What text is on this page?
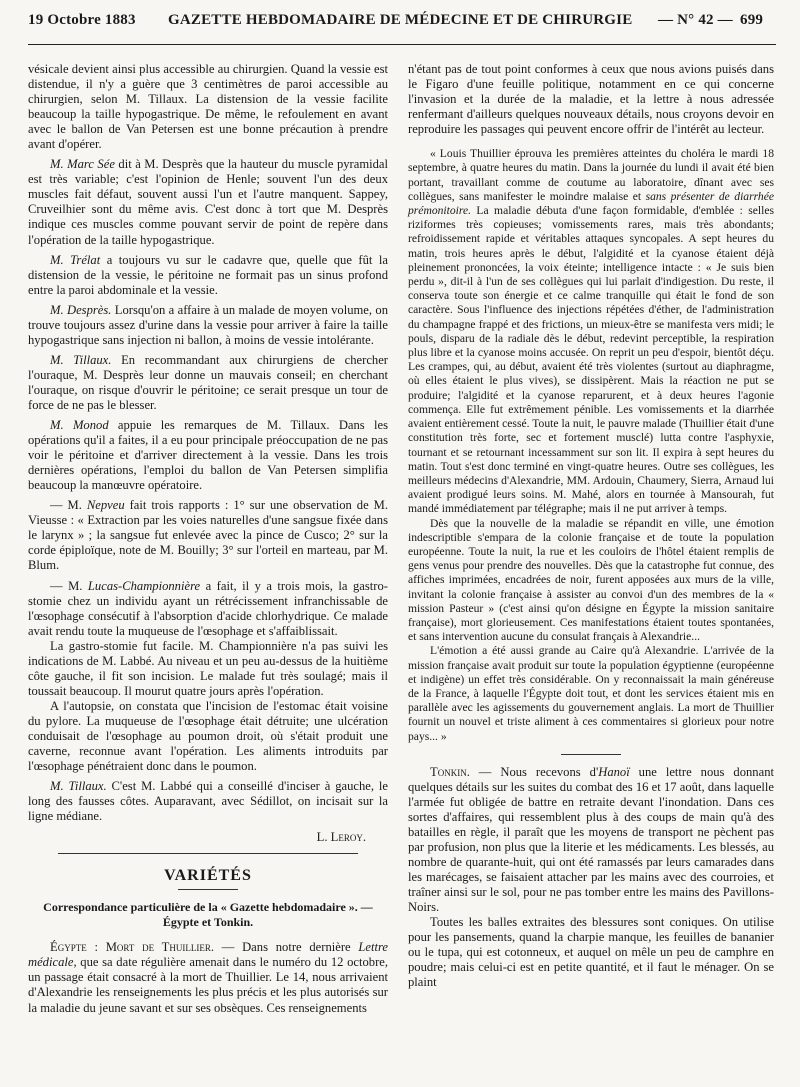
19 Octobre 1883 GAZETTE HEBDOMADAIRE DE MÉDECINE ET DE CHIRURGIE — N° 42 — 699

vésicale devient ainsi plus accessible au chirurgien. Quand la vessie est distendue, il n'y a guère que 3 centimètres de paroi accessible au chirurgien, selon M. Tillaux. La distension de la vessie facilite beaucoup la taille hypogastrique. De même, le refoulement en avant avec le ballon de Van Petersen est une bonne précaution à prendre avant d'opérer.

M. Marc Sée dit à M. Desprès que la hauteur du muscle pyramidal est très variable; c'est l'opinion de Henle; souvent l'un des deux muscles fait défaut, souvent aussi l'un et l'autre manquent. Sappey, Cruveilhier sont du même avis. C'est donc à tort que M. Desprès indique ces muscles comme pouvant servir de point de repère dans l'opération de la taille hypogastrique.

M. Trélat a toujours vu sur le cadavre que, quelle que fût la distension de la vessie, le péritoine ne formait pas un sinus profond entre la paroi abdominale et la vessie.

M. Desprès. Lorsqu'on a affaire à un malade de moyen volume, on trouve toujours assez d'urine dans la vessie pour arriver à faire la taille hypogastrique sans injection ni ballon, à moins de vessie intolérante.

M. Tillaux. En recommandant aux chirurgiens de chercher l'ouraque, M. Desprès leur donne un mauvais conseil; en cherchant l'ouraque, on risque d'ouvrir le péritoine; ce serait presque un tour de force de ne pas le blesser.

M. Monod appuie les remarques de M. Tillaux. Dans les opérations qu'il a faites, il a eu pour principale préoccupation de ne pas voir le péritoine et d'arriver directement à la vessie. Dans les trois dernières opérations, l'emploi du ballon de Van Petersen simplifia beaucoup la manœuvre opératoire.

— M. Nepveu fait trois rapports : 1° sur une observation de M. Vieusse : « Extraction par les voies naturelles d'une sangsue fixée dans le larynx » ; la sangsue fut enlevée avec la pince de Cusco; 2° sur la corde épiploïque, note de M. Bouilly; 3° sur l'orteil en marteau, par M. Blum.

— M. Lucas-Championnière a fait, il y a trois mois, la gastro-stomie chez un individu ayant un rétrécissement infranchissable de l'œsophage consécutif à l'absorption d'acide chlorhydrique. Ce malade avait rendu toute la muqueuse de l'œsophage et s'affaiblissait.

La gastro-stomie fut facile. M. Championnière n'a pas suivi les indications de M. Labbé. Au niveau et un peu au-dessus de la huitième côte gauche, il fit son incision. Le malade fut très soulagé; mais il toussait beaucoup. Il mourut quatre jours après l'opération.

A l'autopsie, on constata que l'incision de l'estomac était voisine du pylore. La muqueuse de l'œsophage était détruite; une ulcération conduisait de l'œsophage au poumon droit, où s'était produit une caverne, reconnue avant l'opération. Les aliments introduits par l'œsophage pénétraient donc dans le poumon.

M. Tillaux. C'est M. Labbé qui a conseillé d'inciser à gauche, le long des fausses côtes. Auparavant, avec Sédillot, on incisait sur la ligne médiane.

L. Leroy.

VARIÉTÉS
Correspondance particulière de la « Gazette hebdomadaire ». — Égypte et Tonkin.

Égypte : Mort de Thuillier. — Dans notre dernière Lettre médicale, que sa date régulière amenait dans le numéro du 12 octobre, un passage était consacré à la mort de Thuillier. Le 14, nous arrivaient d'Alexandrie les renseignements les plus précis et les plus autorisés sur la maladie du jeune savant et sur ses obsèques. Ces renseignements

n'étant pas de tout point conformes à ceux que nous avions puisés dans le Figaro d'une feuille politique, notamment en ce qui concerne l'invasion et la durée de la maladie, et la lettre à nous adressée renfermant d'ailleurs quelques nouveaux détails, nous croyons devoir en reproduire les passages qui peuvent encore offrir de l'intérêt au lecteur.

« Louis Thuillier éprouva les premières atteintes du choléra le mardi 18 septembre, à quatre heures du matin. Dans la journée du lundi il avait été bien portant, travaillant comme de coutume au laboratoire, dînant avec ses collègues, sans manifester le moindre malaise et sans présenter de diarrhée prémonitoire. La maladie débuta d'une façon formidable, d'emblée : selles riziformes très copieuses; vomissements rares, mais très abondants; refroidissement rapide et véritables attaques syncopales. A sept heures du matin, trois heures après le début, l'algidité et la cyanose étaient déjà pleinement prononcées, la voix éteinte; intelligence intacte : « Je suis bien perdu », dit-il à l'un de ses collègues qui lui parlait d'indigestion. Du reste, il conserva toute son énergie et ce calme tranquille qui était le fond de son caractère. Sous l'influence des injections répétées d'éther, de l'administration du champagne frappé et des frictions, un mieux-être se manifesta vers midi; le pouls, disparu de la radiale dès le début, redevint perceptible, la respiration plus libre et la cyanose moins accusée. On reprit un peu d'espoir, bientôt déçu. Les crampes, qui, au début, avaient été très violentes (surtout au diaphragme, où elles étaient le plus vives), se dissipèrent. Mais la réaction ne put se produire; l'algidité et la cyanose reparurent, et à deux heures l'agonie commença. Elle fut extrêmement pénible. Les vomissements et la diarrhée avaient entièrement cessé. Toute la nuit, le pauvre malade (Thuillier était d'une constitution très forte, sec et fortement musclé) lutta contre l'asphyxie, tournant et se retournant incessamment sur son lit. Il expira à sept heures du matin. Tout s'est donc terminé en vingt-quatre heures. Outre ses collègues, les meilleurs médecins d'Alexandrie, MM. Ardouin, Chaumery, Sierra, Arnaud lui avaient prodigué leurs soins. M. Mahé, alors en tournée à Mansourah, fut mandé immédiatement par télégraphe; mais il ne put arriver à temps.

Dès que la nouvelle de la maladie se répandit en ville, une émotion indescriptible s'empara de la colonie française et de toute la population européenne. Toute la nuit, la rue et les couloirs de l'hôtel étaient remplis de gens venus pour prendre des nouvelles. Dès que la catastrophe fut connue, des affiches imprimées, encadrées de noir, furent apposées aux murs de la ville, invitant la colonie française à assister au convoi d'un des membres de la « mission Pasteur » (c'est ainsi qu'on désigne en Égypte la mission sanitaire française), mort glorieusement. Ces manifestations étaient toutes spontanées, et sans intervention aucune du consulat français à Alexandrie...

L'émotion a été aussi grande au Caire qu'à Alexandrie. L'arrivée de la mission française avait produit sur toute la population égyptienne (européenne et indigène) un effet très considérable. On y reconnaissait la main généreuse de la France, à laquelle l'Égypte doit tout, et dont les services étaient mis en parallèle avec les agissements du gouvernement anglais. La mort de Thuillier fournit un nouvel et triste aliment à ces commentaires si glorieux pour notre pays... »

Tonkin. — Nous recevons d'Hanoï une lettre nous donnant quelques détails sur les suites du combat des 16 et 17 août, dans laquelle l'armée fut obligée de battre en retraite devant l'inondation. Dans ces sortes d'affaires, qui ressemblent plus à des coups de main qu'à des batailles en règle, il paraît que les moyens de transport ne pèchent pas par profusion, non plus que la literie et les médicaments. Les blessés, au nombre de quarante-huit, qui ont été ramassés par leurs camarades dans les marécages, se faisaient attacher par les mains avec des courroies, et traîner ainsi sur le sol, pour ne pas tomber entre les mains des Pavillons-Noirs.

Toutes les balles extraites des blessures sont coniques. On utilise pour les pansements, quand la charpie manque, les feuilles de bananier ou le tupa, qui est cotonneux, et auquel on mêle un peu de camphre en poudre; mais celui-ci est en petite quantité, et il faut le ménager. On se plaint
